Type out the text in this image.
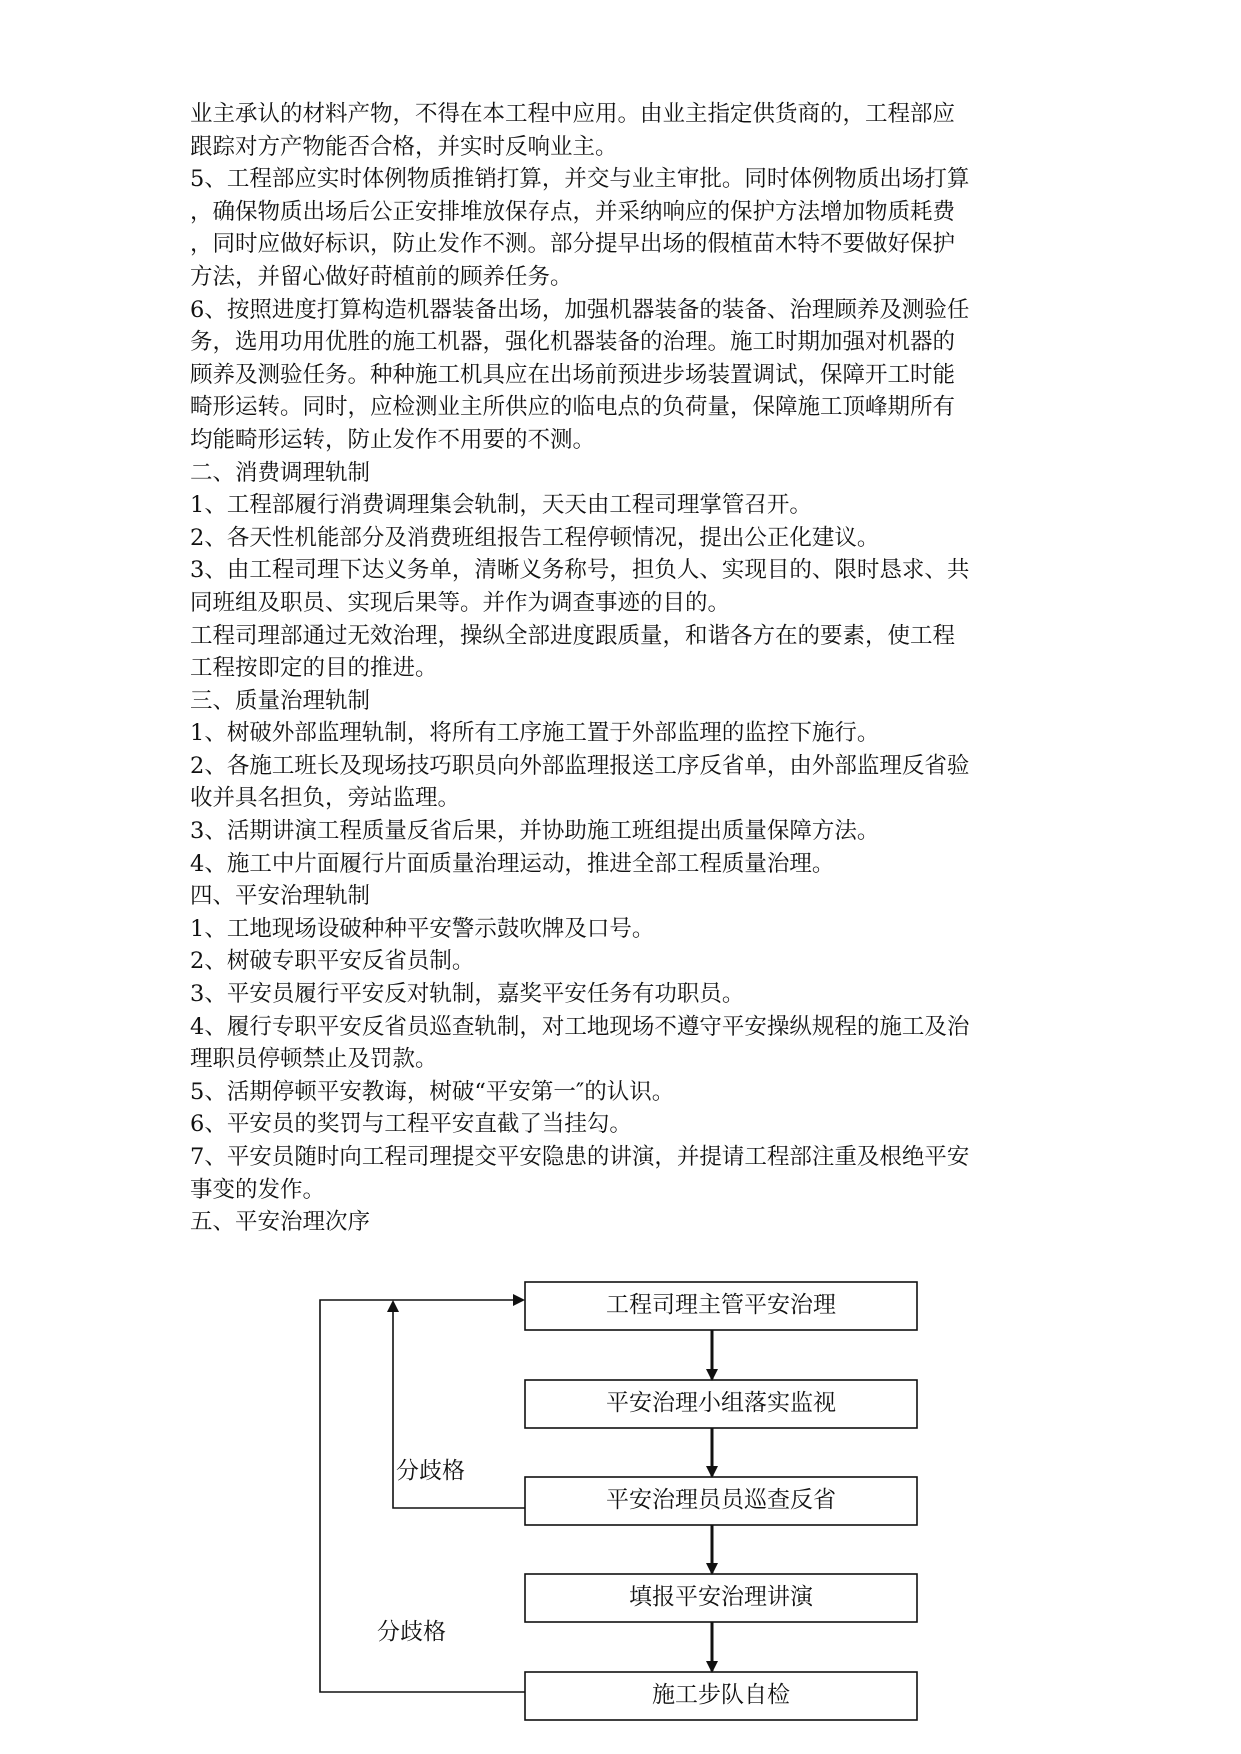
业主承认的材料产物，不得在本工程中应用。由业主指定供货商的，工程部应

跟踪对方产物能否合格，并实时反响业主。

5、工程部应实时体例物质推销打算，并交与业主审批。同时体例物质出场打算

，确保物质出场后公正安排堆放保存点，并采纳响应的保护方法增加物质耗费

，同时应做好标识，防止发作不测。部分提早出场的假植苗木特不要做好保护

方法，并留心做好莳植前的顾养任务。

6、按照进度打算构造机器装备出场，加强机器装备的装备、治理顾养及测验任

务，选用功用优胜的施工机器，强化机器装备的治理。施工时期加强对机器的

顾养及测验任务。种种施工机具应在出场前预进步场装置调试，保障开工时能

畸形运转。同时，应检测业主所供应的临电点的负荷量，保障施工顶峰期所有

均能畸形运转，防止发作不用要的不测。

二、消费调理轨制

1、工程部履行消费调理集会轨制，天天由工程司理掌管召开。

2、各天性机能部分及消费班组报告工程停顿情况，提出公正化建议。

3、由工程司理下达义务单，清晰义务称号，担负人、实现目的、限时恳求、共

同班组及职员、实现后果等。并作为调查事迹的目的。

工程司理部通过无效治理，操纵全部进度跟质量，和谐各方在的要素，使工程

工程按即定的目的推进。

三、质量治理轨制

1、树破外部监理轨制，将所有工序施工置于外部监理的监控下施行。

2、各施工班长及现场技巧职员向外部监理报送工序反省单，由外部监理反省验

收并具名担负，旁站监理。

3、活期讲演工程质量反省后果，并协助施工班组提出质量保障方法。

4、施工中片面履行片面质量治理运动，推进全部工程质量治理。

四、平安治理轨制

1、工地现场设破种种平安警示鼓吹牌及口号。

2、树破专职平安反省员制。

3、平安员履行平安反对轨制，嘉奖平安任务有功职员。

4、履行专职平安反省员巡查轨制，对工地现场不遵守平安操纵规程的施工及治

理职员停顿禁止及罚款。

5、活期停顿平安教诲，树破“平安第一″的认识。

6、平安员的奖罚与工程平安直截了当挂勾。

7、平安员随时向工程司理提交平安隐患的讲演，并提请工程部注重及根绝平安

事变的发作。

五、平安治理次序

工程司理主管平安治理
平安治理小组落实监视
平安治理员员巡查反省
填报平安治理讲演
施工步队自检
分歧格
分歧格
